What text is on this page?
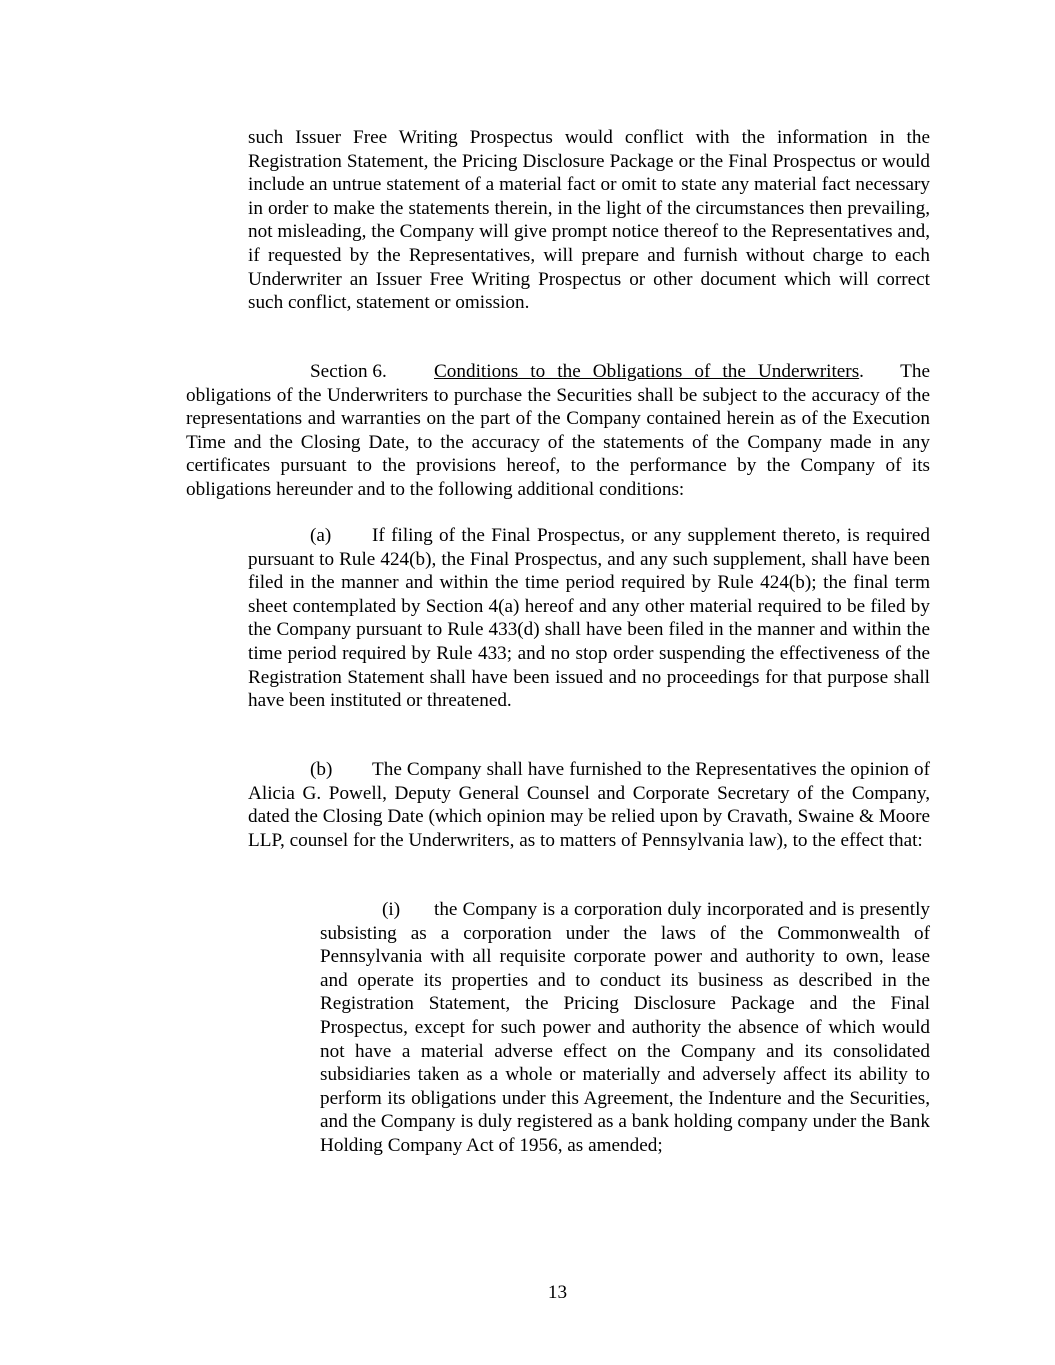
such Issuer Free Writing Prospectus would conflict with the information in the Registration Statement, the Pricing Disclosure Package or the Final Prospectus or would include an untrue statement of a material fact or omit to state any material fact necessary in order to make the statements therein, in the light of the circumstances then prevailing, not misleading, the Company will give prompt notice thereof to the Representatives and, if requested by the Representatives, will prepare and furnish without charge to each Underwriter an Issuer Free Writing Prospectus or other document which will correct such conflict, statement or omission.

Section 6. Conditions to the Obligations of the Underwriters. The obligations of the Underwriters to purchase the Securities shall be subject to the accuracy of the representations and warranties on the part of the Company contained herein as of the Execution Time and the Closing Date, to the accuracy of the statements of the Company made in any certificates pursuant to the provisions hereof, to the performance by the Company of its obligations hereunder and to the following additional conditions:

(a) If filing of the Final Prospectus, or any supplement thereto, is required pursuant to Rule 424(b), the Final Prospectus, and any such supplement, shall have been filed in the manner and within the time period required by Rule 424(b); the final term sheet contemplated by Section 4(a) hereof and any other material required to be filed by the Company pursuant to Rule 433(d) shall have been filed in the manner and within the time period required by Rule 433; and no stop order suspending the effectiveness of the Registration Statement shall have been issued and no proceedings for that purpose shall have been instituted or threatened.

(b) The Company shall have furnished to the Representatives the opinion of Alicia G. Powell, Deputy General Counsel and Corporate Secretary of the Company, dated the Closing Date (which opinion may be relied upon by Cravath, Swaine & Moore LLP, counsel for the Underwriters, as to matters of Pennsylvania law), to the effect that:

(i) the Company is a corporation duly incorporated and is presently subsisting as a corporation under the laws of the Commonwealth of Pennsylvania with all requisite corporate power and authority to own, lease and operate its properties and to conduct its business as described in the Registration Statement, the Pricing Disclosure Package and the Final Prospectus, except for such power and authority the absence of which would not have a material adverse effect on the Company and its consolidated subsidiaries taken as a whole or materially and adversely affect its ability to perform its obligations under this Agreement, the Indenture and the Securities, and the Company is duly registered as a bank holding company under the Bank Holding Company Act of 1956, as amended;

13
